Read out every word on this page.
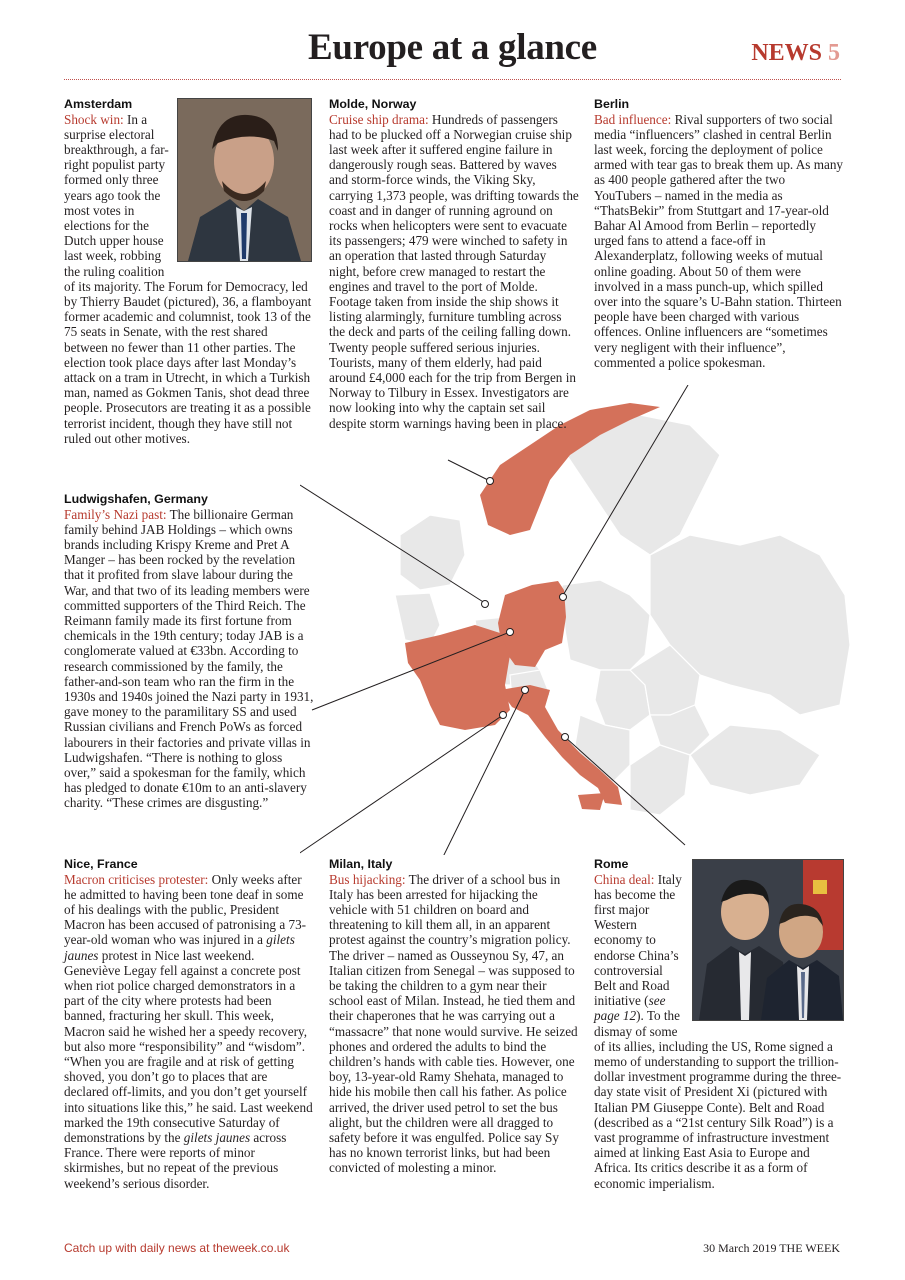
Europe at a glance	NEWS 5
Amsterdam
Shock win: In a surprise electoral breakthrough, a far-right populist party formed only three years ago took the most votes in elections for the Dutch upper house last week, robbing the ruling coalition of its majority. The Forum for Democracy, led by Thierry Baudet (pictured), 36, a flamboyant former academic and columnist, took 13 of the 75 seats in Senate, with the rest shared between no fewer than 11 other parties. The election took place days after last Monday’s attack on a tram in Utrecht, in which a Turkish man, named as Gokmen Tanis, shot dead three people. Prosecutors are treating it as a possible terrorist incident, though they have still not ruled out other motives.
Molde, Norway
Cruise ship drama: Hundreds of passengers had to be plucked off a Norwegian cruise ship last week after it suffered engine failure in dangerously rough seas. Battered by waves and storm-force winds, the Viking Sky, carrying 1,373 people, was drifting towards the coast and in danger of running aground on rocks when helicopters were sent to evacuate its passengers; 479 were winched to safety in an operation that lasted through Saturday night, before crew managed to restart the engines and travel to the port of Molde. Footage taken from inside the ship shows it listing alarmingly, furniture tumbling across the deck and parts of the ceiling falling down. Twenty people suffered serious injuries. Tourists, many of them elderly, had paid around £4,000 each for the trip from Bergen in Norway to Tilbury in Essex. Investigators are now looking into why the captain set sail despite storm warnings having been in place.
Berlin
Bad influence: Rival supporters of two social media “influencers” clashed in central Berlin last week, forcing the deployment of police armed with tear gas to break them up. As many as 400 people gathered after the two YouTubers – named in the media as “ThatsBekir” from Stuttgart and 17-year-old Bahar Al Amood from Berlin – reportedly urged fans to attend a face-off in Alexanderplatz, following weeks of mutual online goading. About 50 of them were involved in a mass punch-up, which spilled over into the square’s U-Bahn station. Thirteen people have been charged with various offences. Online influencers are “sometimes very negligent with their influence”, commented a police spokesman.
Ludwigshafen, Germany
Family’s Nazi past: The billionaire German family behind JAB Holdings – which owns brands including Krispy Kreme and Pret A Manger – has been rocked by the revelation that it profited from slave labour during the War, and that two of its leading members were committed supporters of the Third Reich. The Reimann family made its first fortune from chemicals in the 19th century; today JAB is a conglomerate valued at €33bn. According to research commissioned by the family, the father-and-son team who ran the firm in the 1930s and 1940s joined the Nazi party in 1931, gave money to the paramilitary SS and used Russian civilians and French PoWs as forced labourers in their factories and private villas in Ludwigshafen. “There is nothing to gloss over,” said a spokesman for the family, which has pledged to donate €10m to an anti-slavery charity. “These crimes are disgusting.”
Nice, France
Macron criticises protester: Only weeks after he admitted to having been tone deaf in some of his dealings with the public, President Macron has been accused of patronising a 73-year-old woman who was injured in a gilets jaunes protest in Nice last weekend. Geneviève Legay fell against a concrete post when riot police charged demonstrators in a part of the city where protests had been banned, fracturing her skull. This week, Macron said he wished her a speedy recovery, but also more “responsibility” and “wisdom”. “When you are fragile and at risk of getting shoved, you don’t go to places that are declared off-limits, and you don’t get yourself into situations like this,” he said. Last weekend marked the 19th consecutive Saturday of demonstrations by the gilets jaunes across France. There were reports of minor skirmishes, but no repeat of the previous weekend’s serious disorder.
Milan, Italy
Bus hijacking: The driver of a school bus in Italy has been arrested for hijacking the vehicle with 51 children on board and threatening to kill them all, in an apparent protest against the country’s migration policy. The driver – named as Ousseynou Sy, 47, an Italian citizen from Senegal – was supposed to be taking the children to a gym near their school east of Milan. Instead, he tied them and their chaperones that he was carrying out a “massacre” that none would survive. He seized phones and ordered the adults to bind the children’s hands with cable ties. However, one boy, 13-year-old Ramy Shehata, managed to hide his mobile then call his father. As police arrived, the driver used petrol to set the bus alight, but the children were all dragged to safety before it was engulfed. Police say Sy has no known terrorist links, but had been convicted of molesting a minor.
Rome
China deal: Italy has become the first major Western economy to endorse China’s controversial Belt and Road initiative (see page 12). To the dismay of some of its allies, including the US, Rome signed a memo of understanding to support the trillion-dollar investment programme during the three-day state visit of President Xi (pictured with Italian PM Giuseppe Conte). Belt and Road (described as a “21st century Silk Road”) is a vast programme of infrastructure investment aimed at linking East Asia to Europe and Africa. Its critics describe it as a form of economic imperialism.
Catch up with daily news at theweek.co.uk	30 March 2019 THE WEEK
